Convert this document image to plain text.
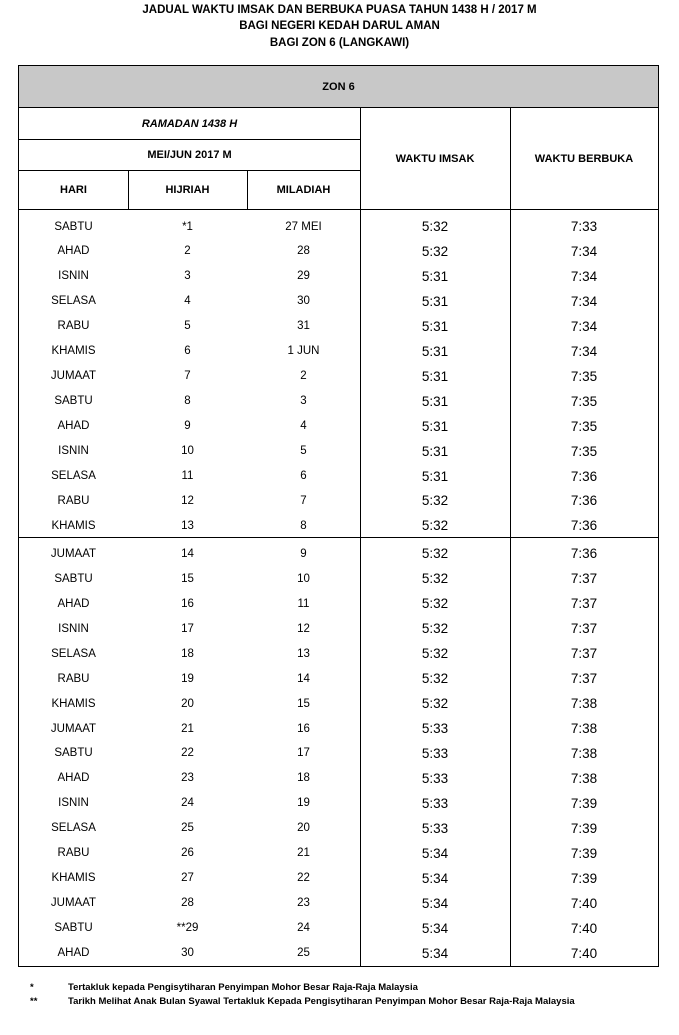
JADUAL WAKTU IMSAK DAN BERBUKA PUASA TAHUN 1438 H / 2017 M
BAGI NEGERI KEDAH DARUL AMAN
BAGI ZON 6 (LANGKAWI)
ZON 6
RAMADAN 1438 H
MEI/JUN 2017 M
HARI	HIJRIAH	MILADIAH
WAKTU IMSAK	WAKTU BERBUKA
SABTU	*1	27 MEI	5:32	7:33
AHAD	2	28	5:32	7:34
ISNIN	3	29	5:31	7:34
SELASA	4	30	5:31	7:34
RABU	5	31	5:31	7:34
KHAMIS	6	1 JUN	5:31	7:34
JUMAAT	7	2	5:31	7:35
SABTU	8	3	5:31	7:35
AHAD	9	4	5:31	7:35
ISNIN	10	5	5:31	7:35
SELASA	11	6	5:31	7:36
RABU	12	7	5:32	7:36
KHAMIS	13	8	5:32	7:36
JUMAAT	14	9	5:32	7:36
SABTU	15	10	5:32	7:37
AHAD	16	11	5:32	7:37
ISNIN	17	12	5:32	7:37
SELASA	18	13	5:32	7:37
RABU	19	14	5:32	7:37
KHAMIS	20	15	5:32	7:38
JUMAAT	21	16	5:33	7:38
SABTU	22	17	5:33	7:38
AHAD	23	18	5:33	7:38
ISNIN	24	19	5:33	7:39
SELASA	25	20	5:33	7:39
RABU	26	21	5:34	7:39
KHAMIS	27	22	5:34	7:39
JUMAAT	28	23	5:34	7:40
SABTU	**29	24	5:34	7:40
AHAD	30	25	5:34	7:40
*	Tertakluk kepada Pengisytiharan Penyimpan Mohor Besar Raja-Raja Malaysia
**	Tarikh Melihat Anak Bulan Syawal Tertakluk Kepada Pengisytiharan Penyimpan Mohor Besar Raja-Raja Malaysia
